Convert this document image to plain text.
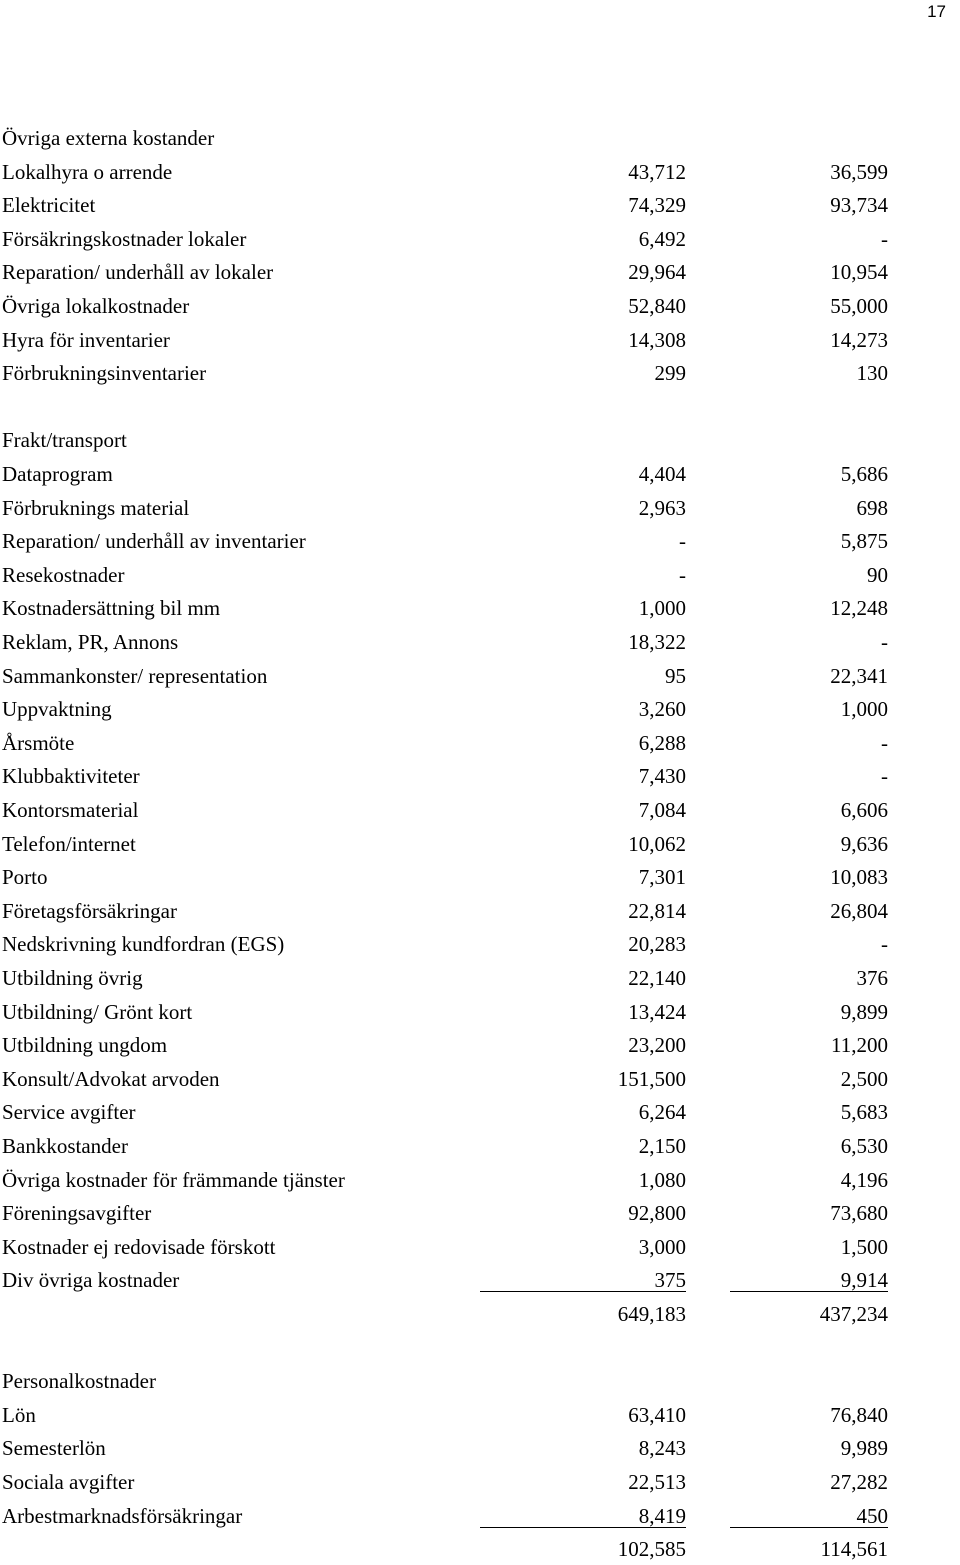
17
Övriga externa kostander
Lokalhyra o arrende	43,712	36,599
Elektricitet	74,329	93,734
Försäkringskostnader lokaler	6,492	-
Reparation/ underhåll av lokaler	29,964	10,954
Övriga lokalkostnader	52,840	55,000
Hyra för inventarier	14,308	14,273
Förbrukningsinventarier	299	130
Frakt/transport
Dataprogram	4,404	5,686
Förbruknings material	2,963	698
Reparation/ underhåll av inventarier	-	5,875
Resekostnader	-	90
Kostnadersättning bil mm	1,000	12,248
Reklam, PR, Annons	18,322	-
Sammankonster/ representation	95	22,341
Uppvaktning	3,260	1,000
Årsmöte	6,288	-
Klubbaktiviteter	7,430	-
Kontorsmaterial	7,084	6,606
Telefon/internet	10,062	9,636
Porto	7,301	10,083
Företagsförsäkringar	22,814	26,804
Nedskrivning kundfordran (EGS)	20,283	-
Utbildning övrig	22,140	376
Utbildning/ Grönt kort	13,424	9,899
Utbildning ungdom	23,200	11,200
Konsult/Advokat arvoden	151,500	2,500
Service avgifter	6,264	5,683
Bankkostander	2,150	6,530
Övriga kostnader för främmande tjänster	1,080	4,196
Föreningsavgifter	92,800	73,680
Kostnader ej redovisade förskott	3,000	1,500
Div övriga kostnader	375	9,914
649,183	437,234
Personalkostnader
Lön	63,410	76,840
Semesterlön	8,243	9,989
Sociala avgifter	22,513	27,282
Arbestmarknadsförsäkringar	8,419	450
102,585	114,561
